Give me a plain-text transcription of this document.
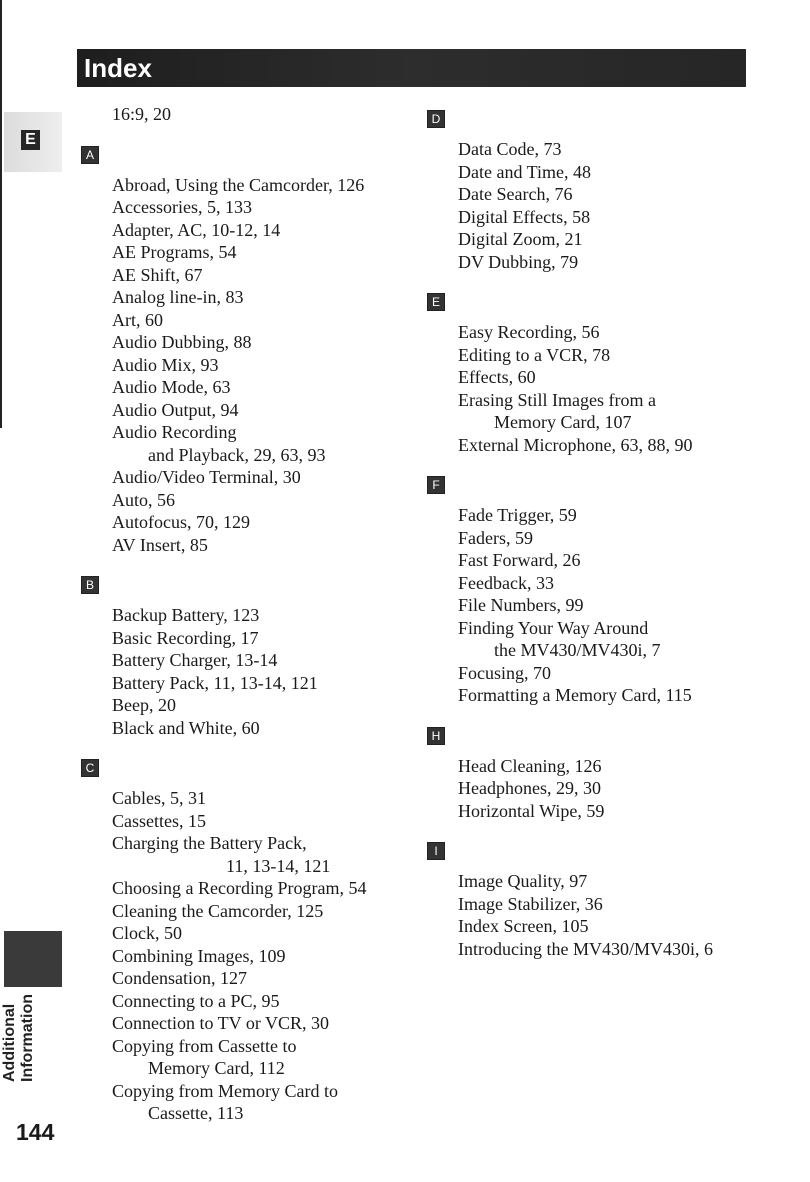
Index
E
Additional Information
144
16:9, 20
A
Abroad, Using the Camcorder, 126
Accessories, 5, 133
Adapter, AC, 10-12, 14
AE Programs, 54
AE Shift, 67
Analog line-in, 83
Art, 60
Audio Dubbing, 88
Audio Mix, 93
Audio Mode, 63
Audio Output, 94
Audio Recording
and Playback, 29, 63, 93
Audio/Video Terminal, 30
Auto, 56
Autofocus, 70, 129
AV Insert, 85
B
Backup Battery, 123
Basic Recording, 17
Battery Charger, 13-14
Battery Pack, 11, 13-14, 121
Beep, 20
Black and White, 60
C
Cables, 5, 31
Cassettes, 15
Charging the Battery Pack,
11, 13-14, 121
Choosing a Recording Program, 54
Cleaning the Camcorder, 125
Clock, 50
Combining Images, 109
Condensation, 127
Connecting to a PC, 95
Connection to TV or VCR, 30
Copying from Cassette to
Memory Card, 112
Copying from Memory Card to
Cassette, 113
D
Data Code, 73
Date and Time, 48
Date Search, 76
Digital Effects, 58
Digital Zoom, 21
DV Dubbing, 79
E
Easy Recording, 56
Editing to a VCR, 78
Effects, 60
Erasing Still Images from a
Memory Card, 107
External Microphone, 63, 88, 90
F
Fade Trigger, 59
Faders, 59
Fast Forward, 26
Feedback, 33
File Numbers, 99
Finding Your Way Around
the MV430/MV430i, 7
Focusing, 70
Formatting a Memory Card, 115
H
Head Cleaning, 126
Headphones, 29, 30
Horizontal Wipe, 59
I
Image Quality, 97
Image Stabilizer, 36
Index Screen, 105
Introducing the MV430/MV430i, 6
